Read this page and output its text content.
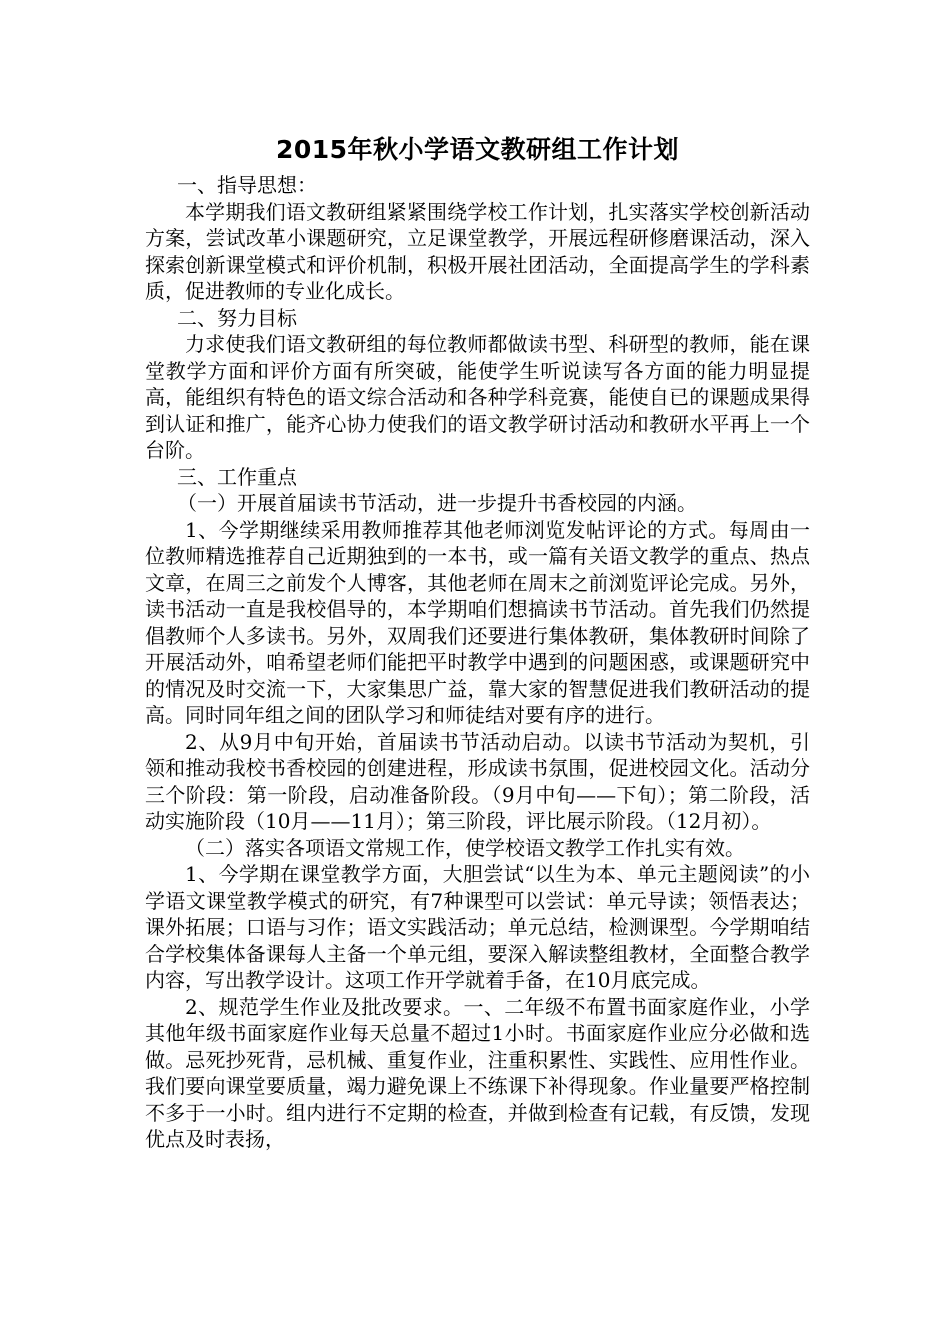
2015年秋小学语文教研组工作计划

一、指导思想：

本学期我们语文教研组紧紧围绕学校工作计划，扎实落实学校创新活动方案，尝试改革小课题研究，立足课堂教学，开展远程研修磨课活动，深入探索创新课堂模式和评价机制，积极开展社团活动，全面提高学生的学科素质，促进教师的专业化成长。

二、努力目标

力求使我们语文教研组的每位教师都做读书型、科研型的教师，能在课堂教学方面和评价方面有所突破，能使学生听说读写各方面的能力明显提高，能组织有特色的语文综合活动和各种学科竞赛，能使自已的课题成果得到认证和推广，能齐心协力使我们的语文教学研讨活动和教研水平再上一个台阶。

三、工作重点

（一）开展首届读书节活动，进一步提升书香校园的内涵。

1、今学期继续采用教师推荐其他老师浏览发帖评论的方式。每周由一位教师精选推荐自己近期独到的一本书，或一篇有关语文教学的重点、热点文章，在周三之前发个人博客，其他老师在周末之前浏览评论完成。另外，读书活动一直是我校倡导的，本学期咱们想搞读书节活动。首先我们仍然提倡教师个人多读书。另外，双周我们还要进行集体教研，集体教研时间除了开展活动外，咱希望老师们能把平时教学中遇到的问题困惑，或课题研究中的情况及时交流一下，大家集思广益，靠大家的智慧促进我们教研活动的提高。同时同年组之间的团队学习和师徒结对要有序的进行。

2、从9月中旬开始，首届读书节活动启动。以读书节活动为契机，引领和推动我校书香校园的创建进程，形成读书氛围，促进校园文化。活动分三个阶段：第一阶段，启动准备阶段。（9月中旬——下旬）；第二阶段，活动实施阶段（10月——11月）；第三阶段，评比展示阶段。（12月初）。

（二）落实各项语文常规工作，使学校语文教学工作扎实有效。

1、今学期在课堂教学方面，大胆尝试“以生为本、单元主题阅读”的小学语文课堂教学模式的研究，有7种课型可以尝试：单元导读；领悟表达；课外拓展；口语与习作；语文实践活动；单元总结，检测课型。今学期咱结合学校集体备课每人主备一个单元组，要深入解读整组教材，全面整合教学内容，写出教学设计。这项工作开学就着手备，在10月底完成。

2、规范学生作业及批改要求。一、二年级不布置书面家庭作业，小学其他年级书面家庭作业每天总量不超过1小时。书面家庭作业应分必做和选做。忌死抄死背，忌机械、重复作业，注重积累性、实践性、应用性作业。我们要向课堂要质量，竭力避免课上不练课下补得现象。作业量要严格控制不多于一小时。组内进行不定期的检查，并做到检查有记载，有反馈，发现优点及时表扬，
